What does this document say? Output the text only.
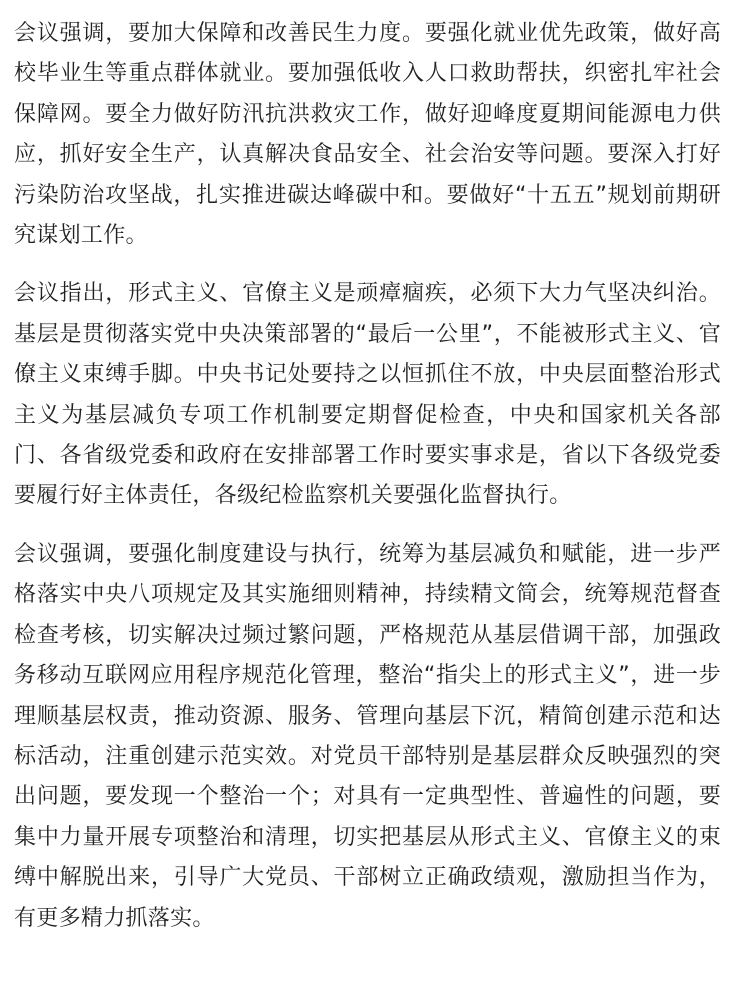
会议强调，要加大保障和改善民生力度。要强化就业优先政策，做好高校毕业生等重点群体就业。要加强低收入人口救助帮扶，织密扎牢社会保障网。要全力做好防汛抗洪救灾工作，做好迎峰度夏期间能源电力供应，抓好安全生产，认真解决食品安全、社会治安等问题。要深入打好污染防治攻坚战，扎实推进碳达峰碳中和。要做好“十五五”规划前期研究谋划工作。

会议指出，形式主义、官僚主义是顽瘴痼疾，必须下大力气坚决纠治。基层是贯彻落实党中央决策部署的“最后一公里”，不能被形式主义、官僚主义束缚手脚。中央书记处要持之以恒抓住不放，中央层面整治形式主义为基层减负专项工作机制要定期督促检查，中央和国家机关各部门、各省级党委和政府在安排部署工作时要实事求是，省以下各级党委要履行好主体责任，各级纪检监察机关要强化监督执行。

会议强调，要强化制度建设与执行，统筹为基层减负和赋能，进一步严格落实中央八项规定及其实施细则精神，持续精文简会，统筹规范督查检查考核，切实解决过频过繁问题，严格规范从基层借调干部，加强政务移动互联网应用程序规范化管理，整治“指尖上的形式主义”，进一步理顺基层权责，推动资源、服务、管理向基层下沉，精简创建示范和达标活动，注重创建示范实效。对党员干部特别是基层群众反映强烈的突出问题，要发现一个整治一个；对具有一定典型性、普遍性的问题，要集中力量开展专项整治和清理，切实把基层从形式主义、官僚主义的束缚中解脱出来，引导广大党员、干部树立正确政绩观，激励担当作为，有更多精力抓落实。
